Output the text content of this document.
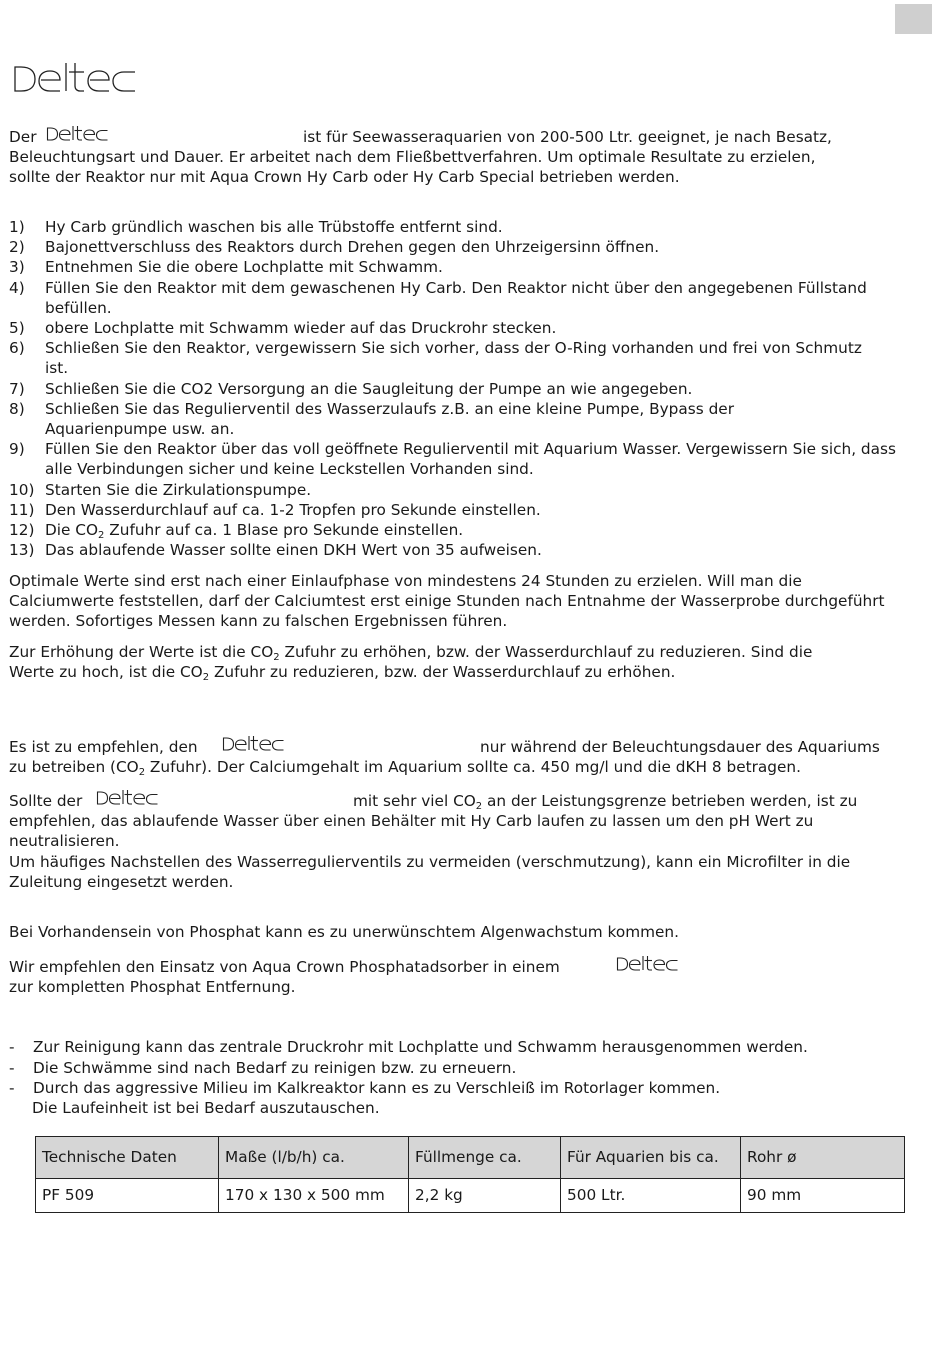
Der	ist für Seewasseraquarien von 200-500 Ltr. geeignet, je nach Besatz,
Beleuchtungsart und Dauer. Er arbeitet nach dem Fließbettverfahren. Um optimale Resultate zu erzielen,
sollte der Reaktor nur mit Aqua Crown Hy Carb oder Hy Carb Special betrieben werden.
1)	Hy Carb gründlich waschen bis alle Trübstoffe entfernt sind.
2)	Bajonettverschluss des Reaktors durch Drehen gegen den Uhrzeigersinn öffnen.
3)	Entnehmen Sie die obere Lochplatte mit Schwamm.
4)	Füllen Sie den Reaktor mit dem gewaschenen Hy Carb. Den Reaktor nicht über den angegebenen Füllstand befüllen.
5)	obere Lochplatte mit Schwamm wieder auf das Druckrohr stecken.
6)	Schließen Sie den Reaktor, vergewissern Sie sich vorher, dass der O-Ring vorhanden und frei von Schmutz ist.
7)	Schließen Sie die CO2 Versorgung an die Saugleitung der Pumpe an wie angegeben.
8)	Schließen Sie das Regulierventil des Wasserzulaufs z.B. an eine kleine Pumpe, Bypass der Aquarienpumpe usw. an.
9)	Füllen Sie den Reaktor über das voll geöffnete Regulierventil mit Aquarium Wasser. Vergewissern Sie sich, dass alle Verbindungen sicher und keine Leckstellen Vorhanden sind.
10) Starten Sie die Zirkulationspumpe.
11) Den Wasserdurchlauf auf ca. 1-2 Tropfen pro Sekunde einstellen.
12) Die $CO_2$ Zufuhr auf ca. 1 Blase pro Sekunde einstellen.
13) Das ablaufende Wasser sollte einen DKH Wert von 35 aufweisen.
Optimale Werte sind erst nach einer Einlaufphase von mindestens 24 Stunden zu erzielen. Will man die Calciumwerte feststellen, darf der Calciumtest erst einige Stunden nach Entnahme der Wasserprobe durchgeführt werden. Sofortiges Messen kann zu falschen Ergebnissen führen.
Zur Erhöhung der Werte ist die $CO_2$ Zufuhr zu erhöhen, bzw. der Wasserdurchlauf zu reduzieren. Sind die
Werte zu hoch, ist die $CO_2$ Zufuhr zu reduzieren, bzw. der Wasserdurchlauf zu erhöhen.
Es ist zu empfehlen, den	nur während der Beleuchtungsdauer des Aquariums
zu betreiben ($CO_2$ Zufuhr). Der Calciumgehalt im Aquarium sollte ca. 450 mg/l und die dKH 8 betragen.
Sollte der	mit sehr viel $CO_2$ an der Leistungsgrenze betrieben werden, ist zu
empfehlen, das ablaufende Wasser über einen Behälter mit Hy Carb laufen zu lassen um den pH Wert zu
neutralisieren.
Um häufiges Nachstellen des Wasserregulierventils zu vermeiden (verschmutzung), kann ein Microfilter in die
Zuleitung eingesetzt werden.
Bei Vorhandensein von Phosphat kann es zu unerwünschtem Algenwachstum kommen.
Wir empfehlen den Einsatz von Aqua Crown Phosphatadsorber in einem
zur kompletten Phosphat Entfernung.
- Zur Reinigung kann das zentrale Druckrohr mit Lochplatte und Schwamm herausgenommen werden.
- Die Schwämme sind nach Bedarf zu reinigen bzw. zu erneuern.
- Durch das aggressive Milieu im Kalkreaktor kann es zu Verschleiß im Rotorlager kommen.
Die Laufeinheit ist bei Bedarf auszutauschen.
Technische Daten	Maße (l/b/h) ca.	Füllmenge ca.	Für Aquarien bis ca.	Rohr ø
PF 509	170 x 130 x 500 mm	2,2 kg	500 Ltr.	90 mm
